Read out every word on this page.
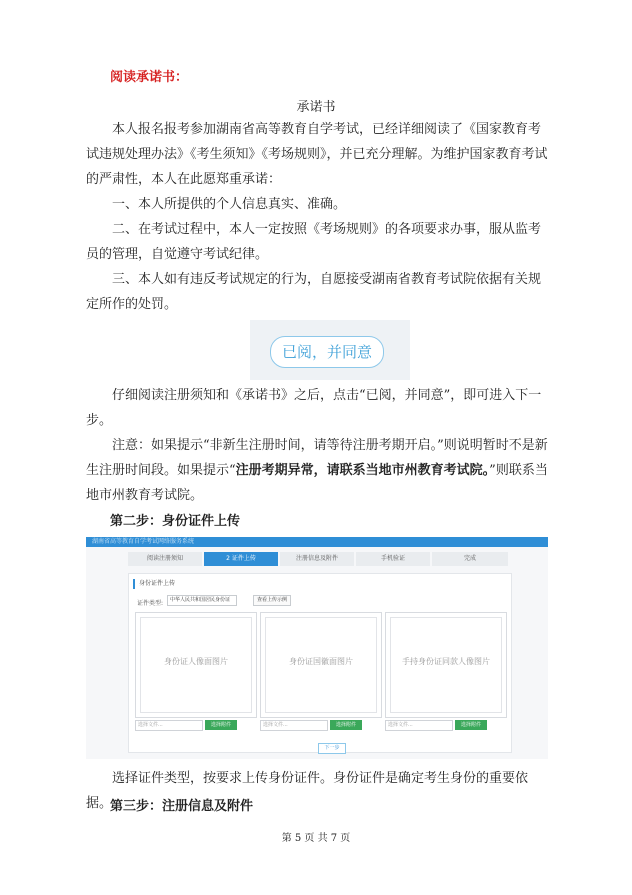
阅读承诺书：
承诺书
本人报名报考参加湖南省高等教育自学考试，已经详细阅读了《国家教育考试违规处理办法》《考生须知》《考场规则》，并已充分理解。为维护国家教育考试的严肃性，本人在此愿郑重承诺：
一、本人所提供的个人信息真实、准确。
二、在考试过程中，本人一定按照《考场规则》的各项要求办事，服从监考员的管理，自觉遵守考试纪律。
三、本人如有违反考试规定的行为，自愿接受湖南省教育考试院依据有关规定所作的处罚。
已阅，并同意
仔细阅读注册须知和《承诺书》之后，点击“已阅，并同意”，即可进入下一步。
注意：如果提示“非新生注册时间，请等待注册考期开启。”则说明暂时不是新生注册时间段。如果提示“注册考期异常，请联系当地市州教育考试院。”则联系当地市州教育考试院。
第二步：身份证件上传
湖南省高等教育自学考试网络服务系统
阅读注册须知	2 证件上传	注册信息及附件	手机验证	完成
身份证件上传
证件类型:	中华人民共和国居民身份证	查看上传示例
身份证人像面图片	身份证国徽面图片	手持身份证同款人像图片
选择文件...	选择附件	选择文件...	选择附件	选择文件...	选择附件
下一步
选择证件类型，按要求上传身份证件。身份证件是确定考生身份的重要依据。
第三步：注册信息及附件
第 5 页 共 7 页
